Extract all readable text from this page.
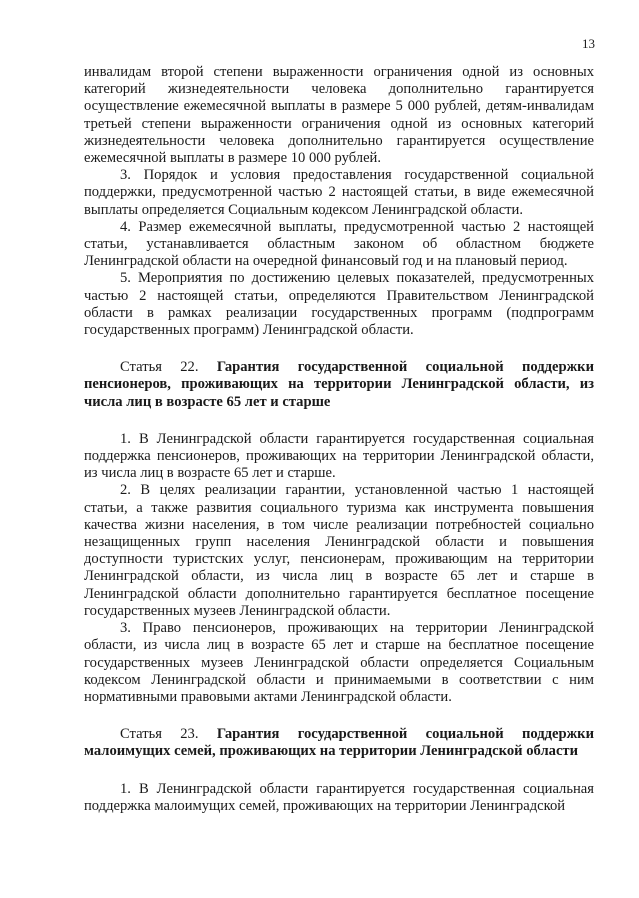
13

инвалидам второй степени выраженности ограничения одной из основных категорий жизнедеятельности человека дополнительно гарантируется осуществление ежемесячной выплаты в размере 5 000 рублей, детям-инвалидам третьей степени выраженности ограничения одной из основных категорий жизнедеятельности человека дополнительно гарантируется осуществление ежемесячной выплаты в размере 10 000 рублей.

3. Порядок и условия предоставления государственной социальной поддержки, предусмотренной частью 2 настоящей статьи, в виде ежемесячной выплаты определяется Социальным кодексом Ленинградской области.

4. Размер ежемесячной выплаты, предусмотренной частью 2 настоящей статьи, устанавливается областным законом об областном бюджете Ленинградской области на очередной финансовый год и на плановый период.

5. Мероприятия по достижению целевых показателей, предусмотренных частью 2 настоящей статьи, определяются Правительством Ленинградской области в рамках реализации государственных программ (подпрограмм государственных программ) Ленинградской области.

Статья 22. Гарантия государственной социальной поддержки пенсионеров, проживающих на территории Ленинградской области, из числа лиц в возрасте 65 лет и старше

1. В Ленинградской области гарантируется государственная социальная поддержка пенсионеров, проживающих на территории Ленинградской области, из числа лиц в возрасте 65 лет и старше.

2. В целях реализации гарантии, установленной частью 1 настоящей статьи, а также развития социального туризма как инструмента повышения качества жизни населения, в том числе реализации потребностей социально незащищенных групп населения Ленинградской области и повышения доступности туристских услуг, пенсионерам, проживающим на территории Ленинградской области, из числа лиц в возрасте 65 лет и старше в Ленинградской области дополнительно гарантируется бесплатное посещение государственных музеев Ленинградской области.

3. Право пенсионеров, проживающих на территории Ленинградской области, из числа лиц в возрасте 65 лет и старше на бесплатное посещение государственных музеев Ленинградской области определяется Социальным кодексом Ленинградской области и принимаемыми в соответствии с ним нормативными правовыми актами Ленинградской области.

Статья 23. Гарантия государственной социальной поддержки малоимущих семей, проживающих на территории Ленинградской области

1. В Ленинградской области гарантируется государственная социальная поддержка малоимущих семей, проживающих на территории Ленинградской
